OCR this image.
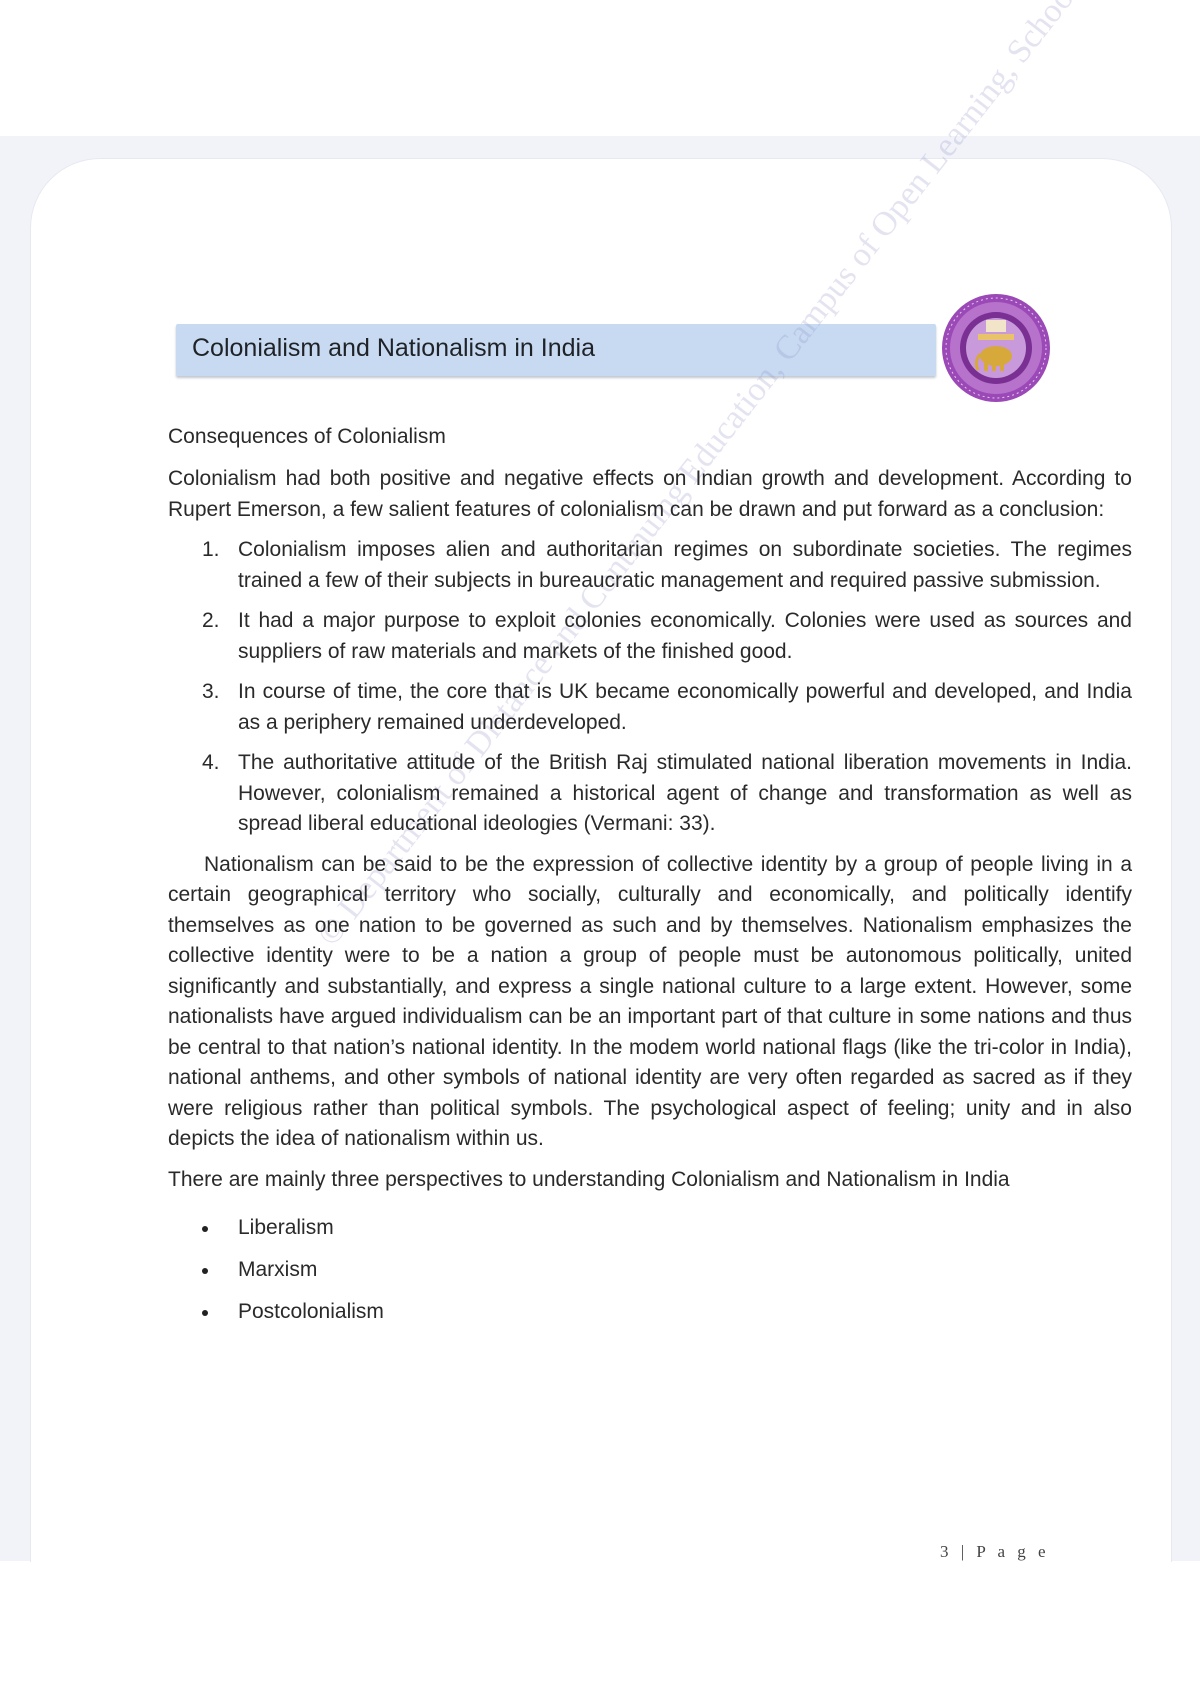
Colonialism and Nationalism in India
© Department of Distance and Continuing Education, Campus of Open Learning, School

Consequences of Colonialism

Colonialism had both positive and negative effects on Indian growth and development. According to Rupert Emerson, a few salient features of colonialism can be drawn and put forward as a conclusion:

1. Colonialism imposes alien and authoritarian regimes on subordinate societies. The regimes trained a few of their subjects in bureaucratic management and required passive submission.
2. It had a major purpose to exploit colonies economically. Colonies were used as sources and suppliers of raw materials and markets of the finished good.
3. In course of time, the core that is UK became economically powerful and developed, and India as a periphery remained underdeveloped.
4. The authoritative attitude of the British Raj stimulated national liberation movements in India. However, colonialism remained a historical agent of change and transformation as well as spread liberal educational ideologies (Vermani: 33).

Nationalism can be said to be the expression of collective identity by a group of people living in a certain geographical territory who socially, culturally and economically, and politically identify themselves as one nation to be governed as such and by themselves. Nationalism emphasizes the collective identity were to be a nation a group of people must be autonomous politically, united significantly and substantially, and express a single national culture to a large extent. However, some nationalists have argued individualism can be an important part of that culture in some nations and thus be central to that nation’s national identity. In the modem world national flags (like the tri-color in India), national anthems, and other symbols of national identity are very often regarded as sacred as if they were religious rather than political symbols. The psychological aspect of feeling; unity and in also depicts the idea of nationalism within us.

There are mainly three perspectives to understanding Colonialism and Nationalism in India

Liberalism
Marxism
Postcolonialism
3 | P a g e
